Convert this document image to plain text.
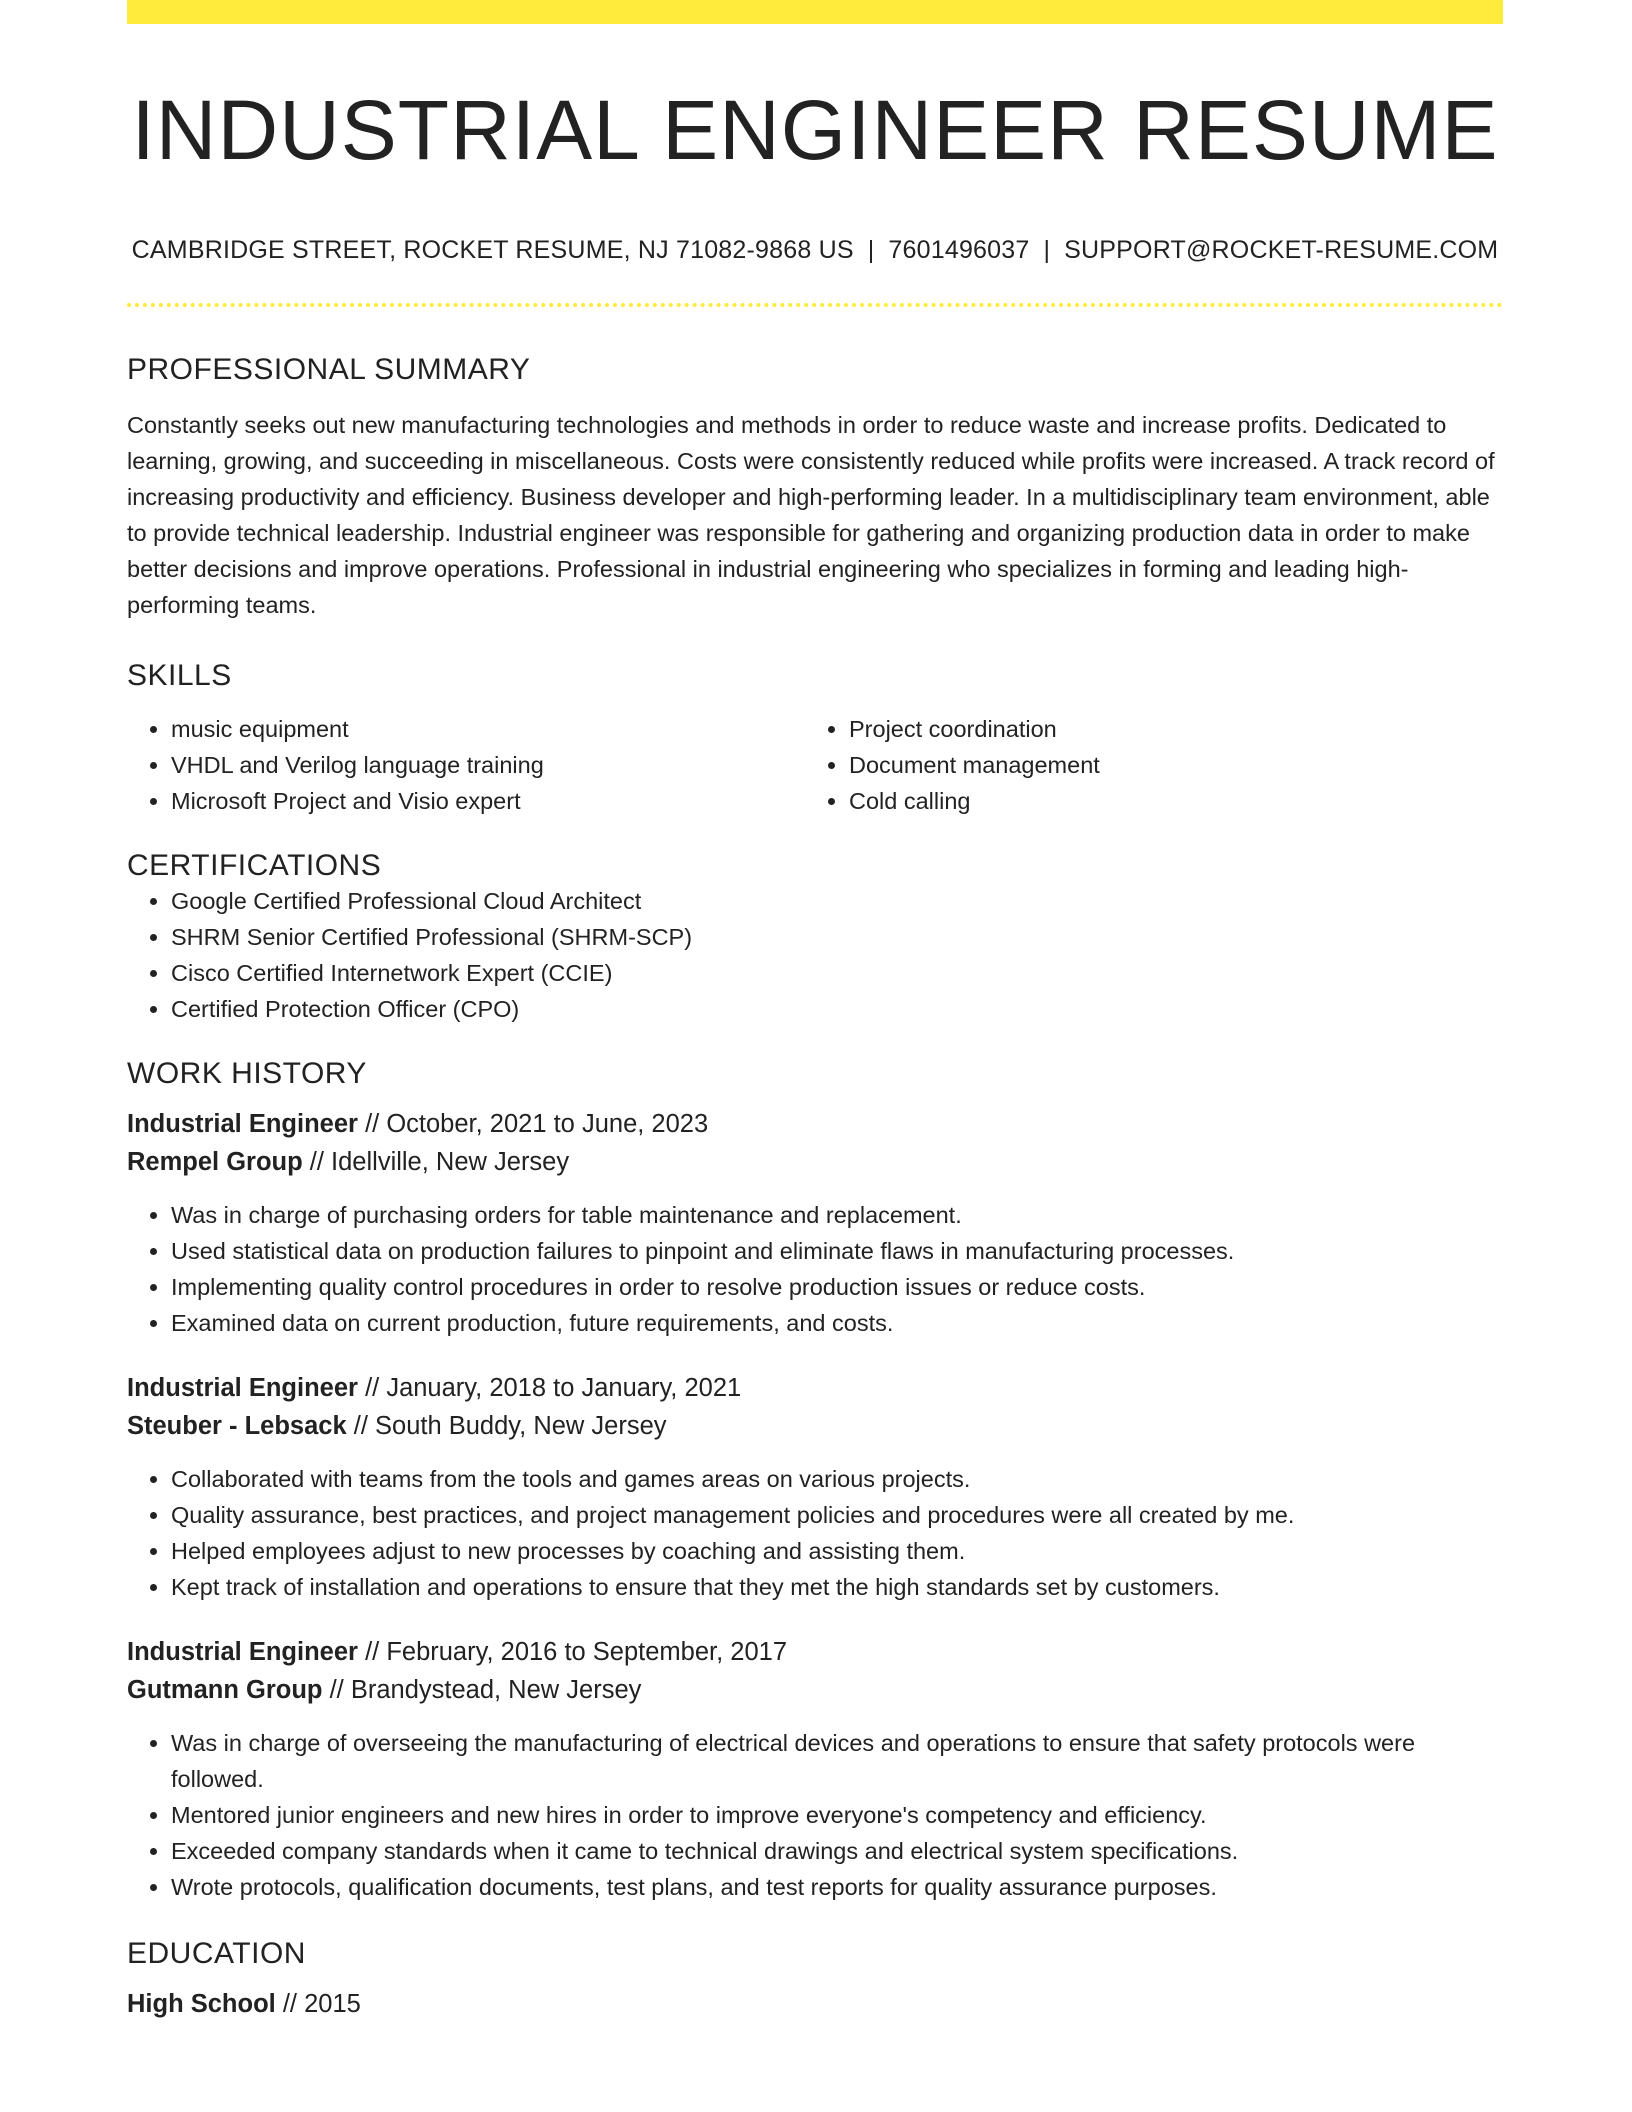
INDUSTRIAL ENGINEER RESUME
CAMBRIDGE STREET, ROCKET RESUME, NJ 71082-9868 US | 7601496037 | SUPPORT@ROCKET-RESUME.COM
PROFESSIONAL SUMMARY
Constantly seeks out new manufacturing technologies and methods in order to reduce waste and increase profits. Dedicated to learning, growing, and succeeding in miscellaneous. Costs were consistently reduced while profits were increased. A track record of increasing productivity and efficiency. Business developer and high-performing leader. In a multidisciplinary team environment, able to provide technical leadership. Industrial engineer was responsible for gathering and organizing production data in order to make better decisions and improve operations. Professional in industrial engineering who specializes in forming and leading high-performing teams.
SKILLS
• music equipment
• VHDL and Verilog language training
• Microsoft Project and Visio expert
• Project coordination
• Document management
• Cold calling
CERTIFICATIONS
• Google Certified Professional Cloud Architect
• SHRM Senior Certified Professional (SHRM-SCP)
• Cisco Certified Internetwork Expert (CCIE)
• Certified Protection Officer (CPO)
WORK HISTORY
Industrial Engineer // October, 2021 to June, 2023
Rempel Group // Idellville, New Jersey
• Was in charge of purchasing orders for table maintenance and replacement.
• Used statistical data on production failures to pinpoint and eliminate flaws in manufacturing processes.
• Implementing quality control procedures in order to resolve production issues or reduce costs.
• Examined data on current production, future requirements, and costs.
Industrial Engineer // January, 2018 to January, 2021
Steuber - Lebsack // South Buddy, New Jersey
• Collaborated with teams from the tools and games areas on various projects.
• Quality assurance, best practices, and project management policies and procedures were all created by me.
• Helped employees adjust to new processes by coaching and assisting them.
• Kept track of installation and operations to ensure that they met the high standards set by customers.
Industrial Engineer // February, 2016 to September, 2017
Gutmann Group // Brandystead, New Jersey
• Was in charge of overseeing the manufacturing of electrical devices and operations to ensure that safety protocols were followed.
• Mentored junior engineers and new hires in order to improve everyone's competency and efficiency.
• Exceeded company standards when it came to technical drawings and electrical system specifications.
• Wrote protocols, qualification documents, test plans, and test reports for quality assurance purposes.
EDUCATION
High School // 2015
